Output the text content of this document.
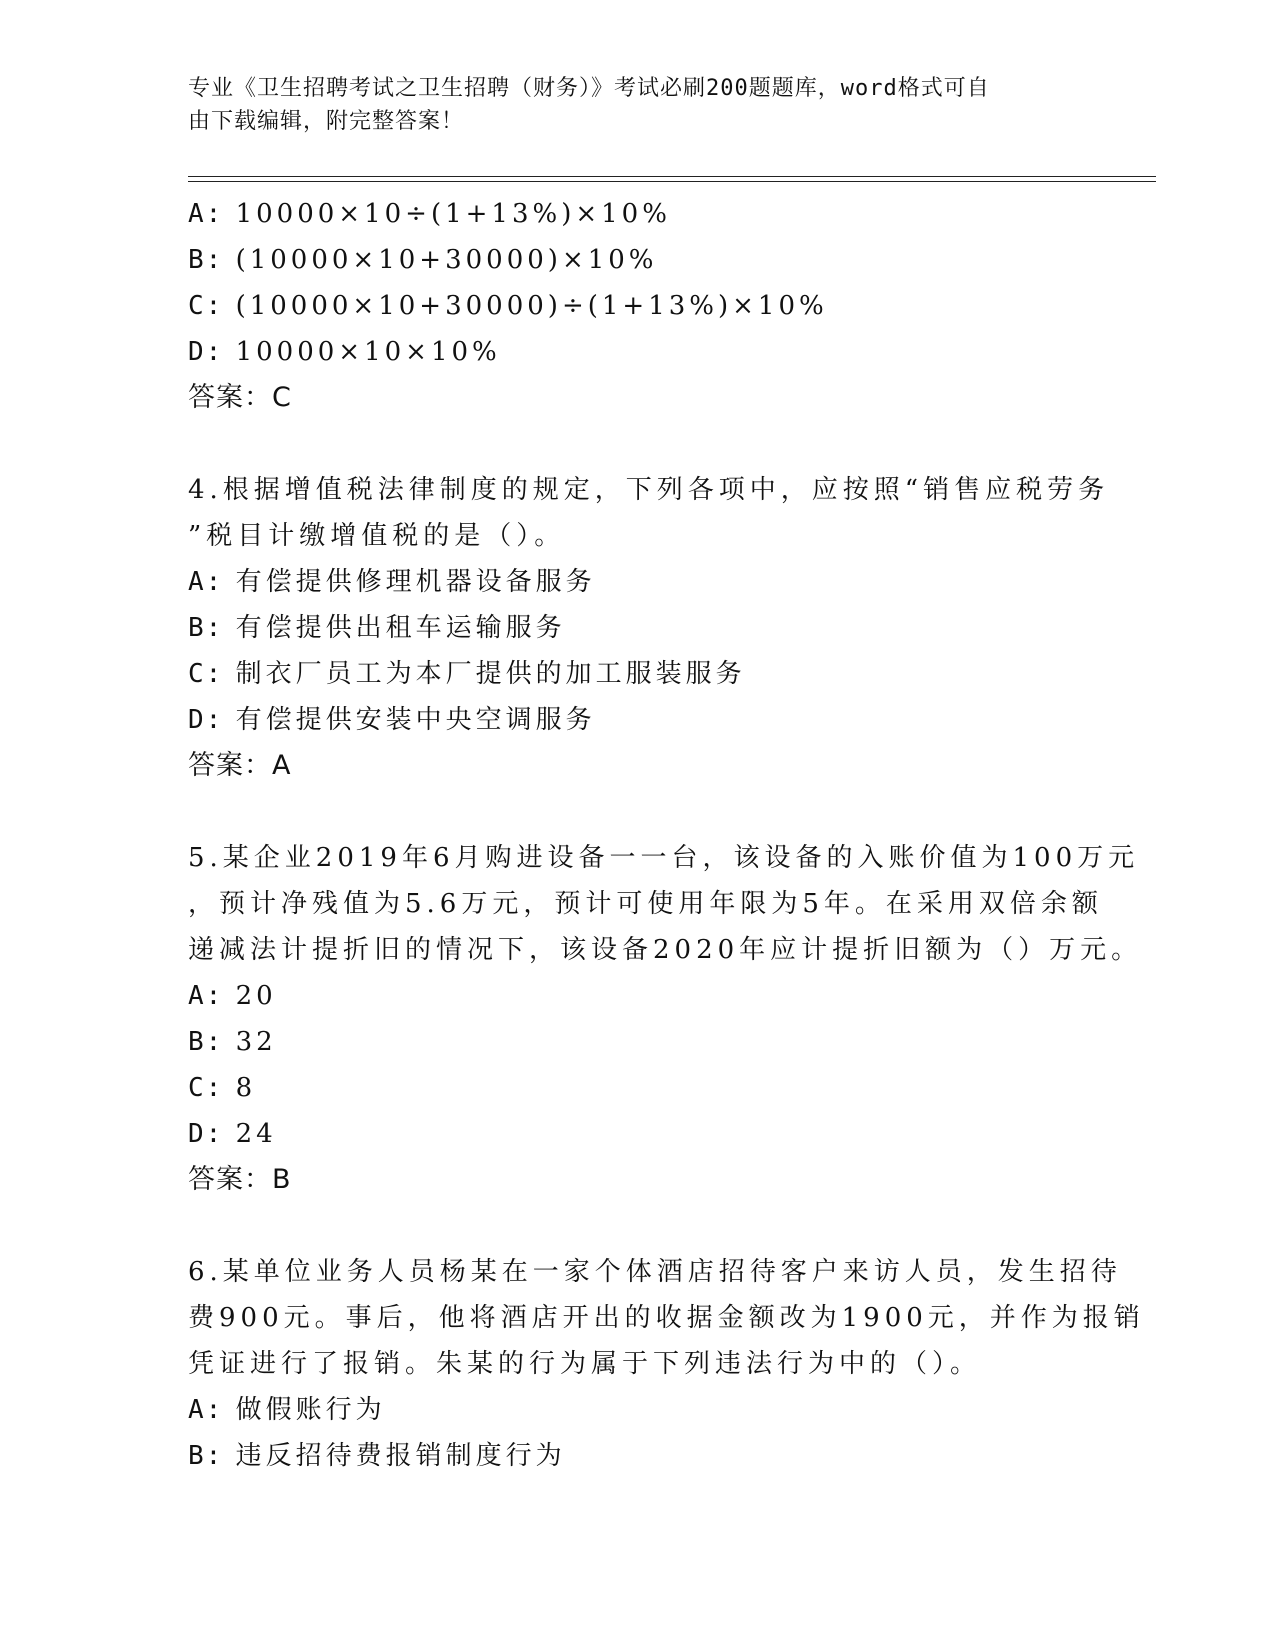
专业《卫生招聘考试之卫生招聘（财务）》考试必刷200题题库，word格式可自
由下载编辑，附完整答案！
A: 10000×10÷(1+13%)×10%
B: (10000×10+30000)×10%
C: (10000×10+30000)÷(1+13%)×10%
D: 10000×10×10%
答案：C
4.根据增值税法律制度的规定，下列各项中，应按照“销售应税劳务
”税目计缴增值税的是（）。
A: 有偿提供修理机器设备服务
B: 有偿提供出租车运输服务
C: 制衣厂员工为本厂提供的加工服装服务
D: 有偿提供安装中央空调服务
答案：A
5.某企业2019年6月购进设备一一台，该设备的入账价值为100万元
，预计净残值为5.6万元，预计可使用年限为5年。在采用双倍余额
递减法计提折旧的情况下，该设备2020年应计提折旧额为（）万元。
A: 20
B: 32
C: 8
D: 24
答案：B
6.某单位业务人员杨某在一家个体酒店招待客户来访人员，发生招待
费900元。事后，他将酒店开出的收据金额改为1900元，并作为报销
凭证进行了报销。朱某的行为属于下列违法行为中的（）。
A: 做假账行为
B: 违反招待费报销制度行为
